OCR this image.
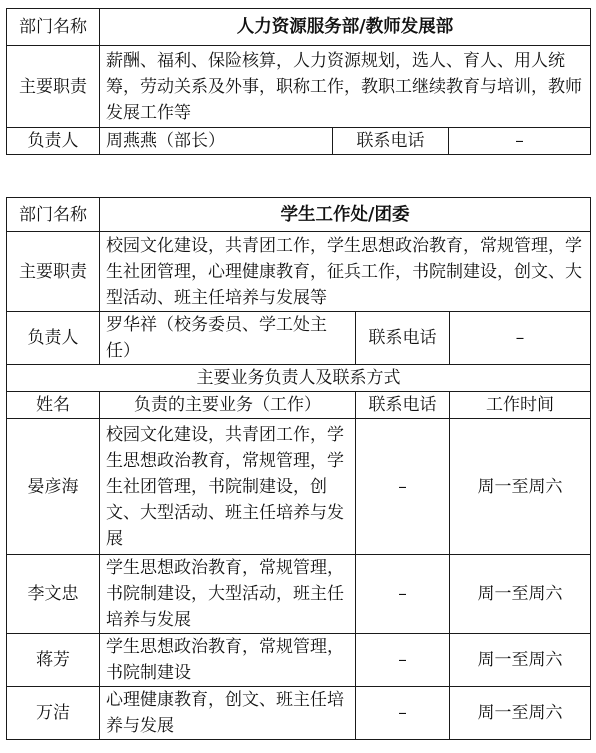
部门名称	人力资源服务部/教师发展部		
主要职责	薪酬、福利、保险核算，人力资源规划，选人、育人、用人统筹，劳动关系及外事，职称工作，教职工继续教育与培训，教师发展工作等		
负责人	周燕燕（部长）	联系电话	–
部门名称	学生工作处/团委		
主要职责	校园文化建设，共青团工作，学生思想政治教育，常规管理，学生社团管理，心理健康教育，征兵工作，书院制建设，创文、大型活动、班主任培养与发展等		
负责人	罗华祥（校务委员、学工处主任）	联系电话	–
主要业务负责人及联系方式			
姓名	负责的主要业务（工作）	联系电话	工作时间
晏彦海	校园文化建设，共青团工作，学生思想政治教育，常规管理，学生社团管理，书院制建设，创文、大型活动、班主任培养与发展	–	周一至周六
李文忠	学生思想政治教育，常规管理，书院制建设，大型活动，班主任培养与发展	–	周一至周六
蒋芳	学生思想政治教育，常规管理，书院制建设	–	周一至周六
万洁	心理健康教育，创文、班主任培养与发展	–	周一至周六
